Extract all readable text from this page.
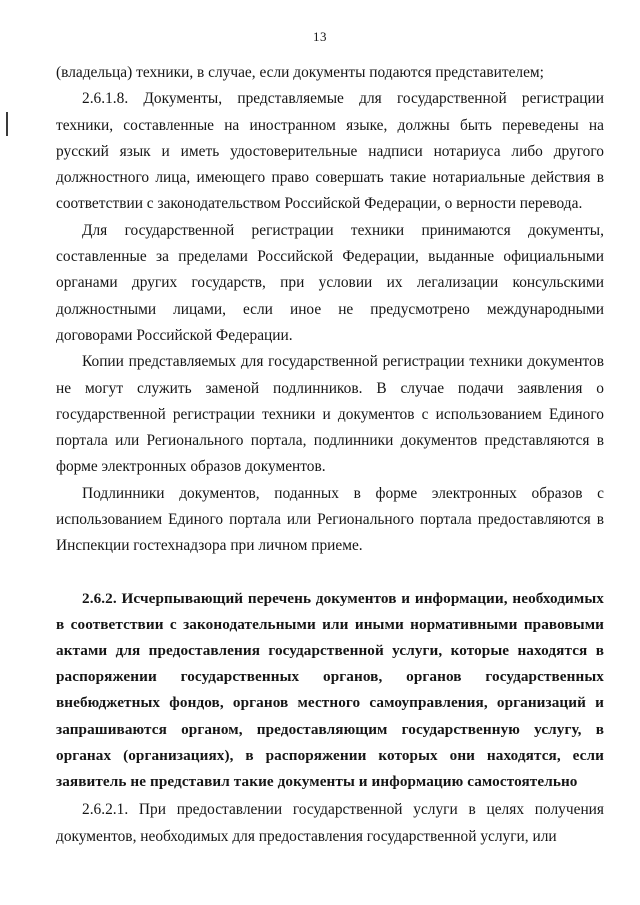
13

(владельца) техники, в случае, если документы подаются представителем;

2.6.1.8. Документы, представляемые для государственной регистрации техники, составленные на иностранном языке, должны быть переведены на русский язык и иметь удостоверительные надписи нотариуса либо другого должностного лица, имеющего право совершать такие нотариальные действия в соответствии с законодательством Российской Федерации, о верности перевода.

Для государственной регистрации техники принимаются документы, составленные за пределами Российской Федерации, выданные официальными органами других государств, при условии их легализации консульскими должностными лицами, если иное не предусмотрено международными договорами Российской Федерации.

Копии представляемых для государственной регистрации техники документов не могут служить заменой подлинников. В случае подачи заявления о государственной регистрации техники и документов с использованием Единого портала или Регионального портала, подлинники документов представляются в форме электронных образов документов.

Подлинники документов, поданных в форме электронных образов с использованием Единого портала или Регионального портала предоставляются в Инспекции гостехнадзора при личном приеме.

2.6.2. Исчерпывающий перечень документов и информации, необходимых в соответствии с законодательными или иными нормативными правовыми актами для предоставления государственной услуги, которые находятся в распоряжении государственных органов, органов государственных внебюджетных фондов, органов местного самоуправления, организаций и запрашиваются органом, предоставляющим государственную услугу, в органах (организациях), в распоряжении которых они находятся, если заявитель не представил такие документы и информацию самостоятельно

2.6.2.1. При предоставлении государственной услуги в целях получения документов, необходимых для предоставления государственной услуги, или
